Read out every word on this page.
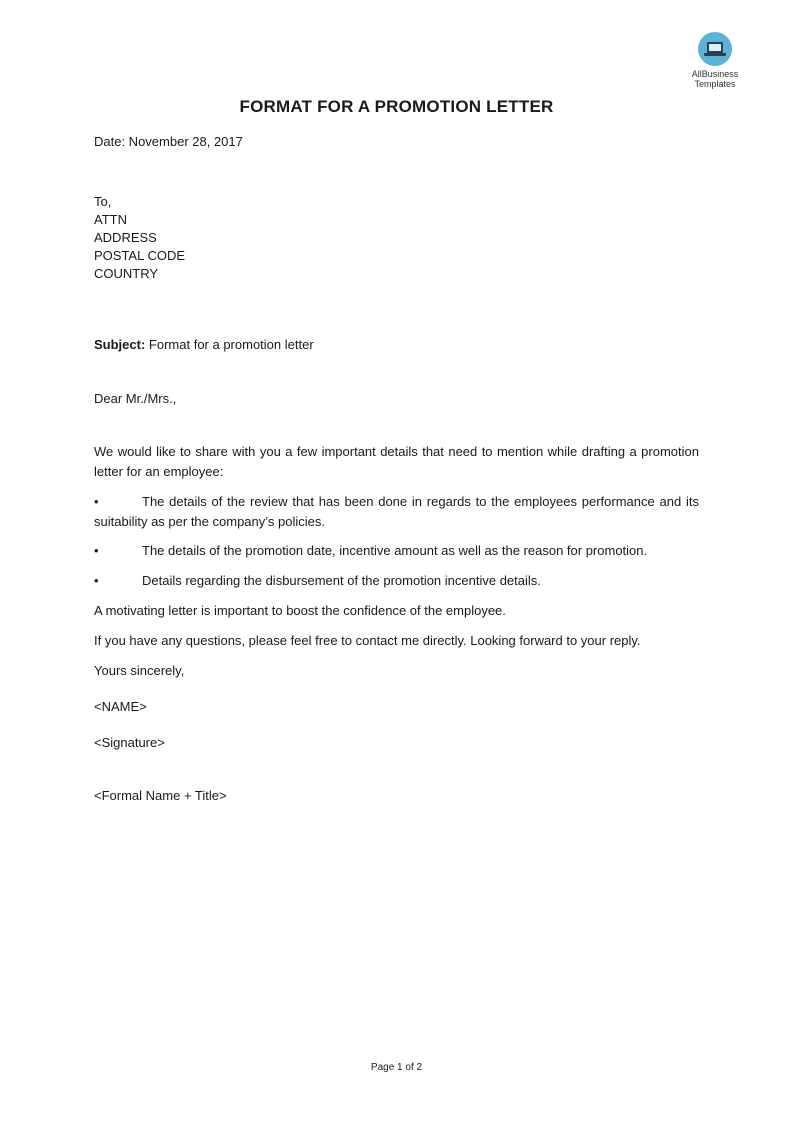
AllBusiness
Templates
FORMAT FOR A PROMOTION LETTER
Date: November 28, 2017
To,
ATTN
ADDRESS
POSTAL CODE
COUNTRY
Subject: Format for a promotion letter
Dear Mr./Mrs.,
We would like to share with you a few important details that need to mention while drafting a promotion letter for an employee:
•	The details of the review that has been done in regards to the employees performance and its suitability as per the company’s policies.
•	The details of the promotion date, incentive amount as well as the reason for promotion.
•	Details regarding the disbursement of the promotion incentive details.
A motivating letter is important to boost the confidence of the employee.
If you have any questions, please feel free to contact me directly. Looking forward to your reply.
Yours sincerely,
<NAME>
<Signature>
<Formal Name + Title>
Page 1 of 2
